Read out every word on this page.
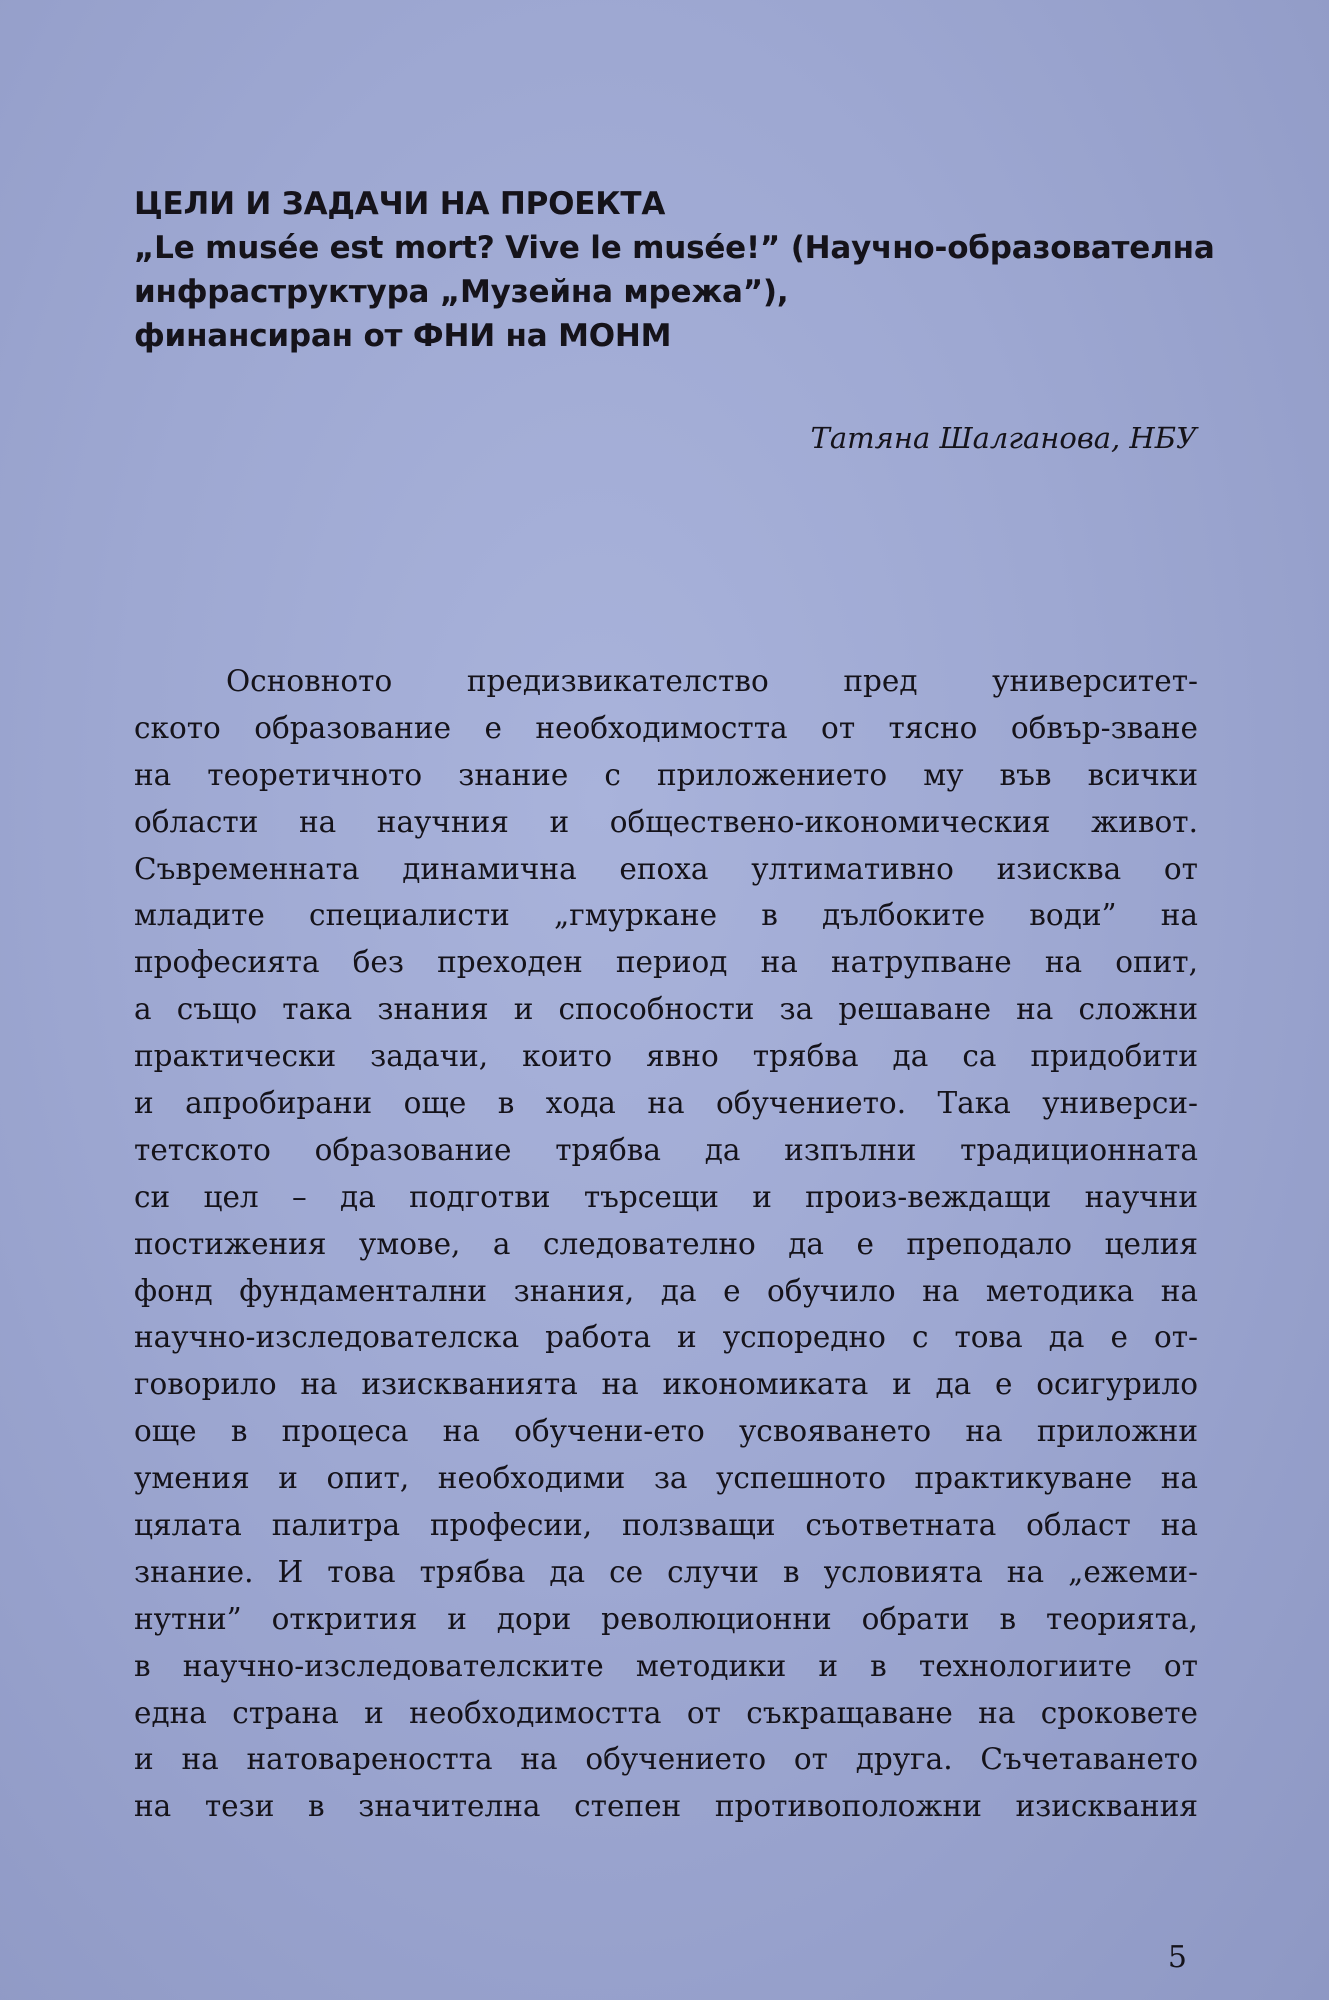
ЦЕЛИ И ЗАДАЧИ НА ПРОЕКТА
„Le musée est mort? Vive le musée!” (Научно-образователна
инфраструктура „Музейна мрежа”),
финансиран от ФНИ на МОНМ
Татяна Шалганова, НБУ
Основното предизвикателство пред университет-
ското образование е необходимостта от тясно обвър-зване
на теоретичното знание с приложението му във всички
области на научния и обществено-икономическия живот.
Съвременната динамична епоха ултимативно изисква от
младите специалисти „гмуркане в дълбоките води” на
професията без преходен период на натрупване на опит,
а също така знания и способности за решаване на сложни
практически задачи, които явно трябва да са придобити
и апробирани още в хода на обучението. Така универси-
тетското образование трябва да изпълни традиционната
си цел – да подготви търсещи и произ-веждащи научни
постижения умове, а следователно да е преподало целия
фонд фундаментални знания, да е обучило на методика на
научно-изследователска работа и успоредно с това да е от-
говорило на изискванията на икономиката и да е осигурило
още в процеса на обучени-ето усвояването на приложни
умения и опит, необходими за успешното практикуване на
цялата палитра професии, ползващи съответната област на
знание. И това трябва да се случи в условията на „ежеми-
нутни” открития и дори революционни обрати в теорията,
в научно-изследователските методики и в технологиите от
една страна и необходимостта от съкращаване на сроковете
и на натовареността на обучението от друга. Съчетаването
на тези в значителна степен противоположни изисквания
5
